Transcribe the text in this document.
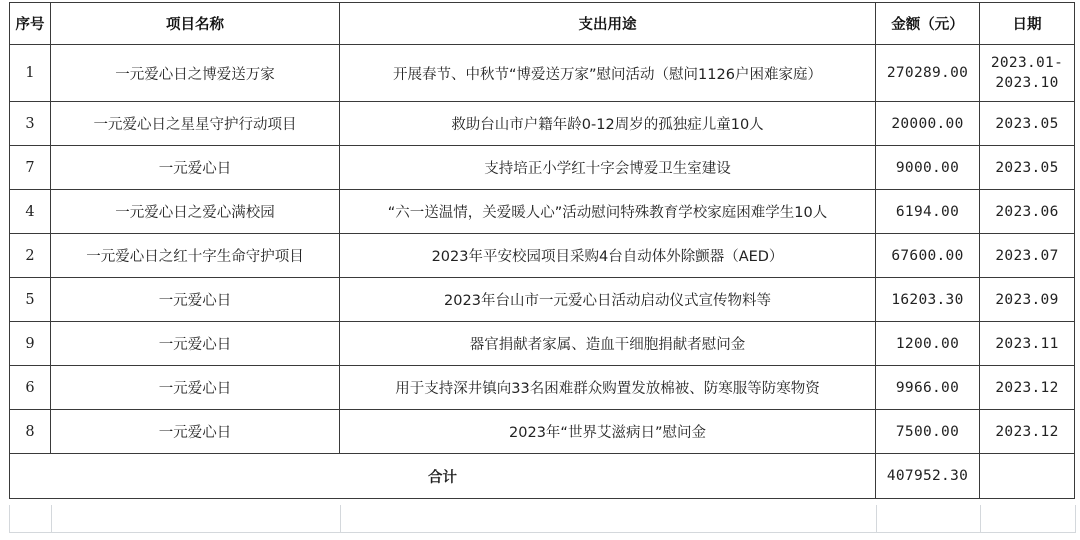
序号	项目名称	支出用途	金额（元）	日期
1	一元爱心日之博爱送万家	开展春节、中秋节“博爱送万家”慰问活动（慰问1126户困难家庭）	270289.00	2023.01-2023.10
3	一元爱心日之星星守护行动项目	救助台山市户籍年龄0-12周岁的孤独症儿童10人	20000.00	2023.05
7	一元爱心日	支持培正小学红十字会博爱卫生室建设	9000.00	2023.05
4	一元爱心日之爱心满校园	“六一送温情，关爱暖人心”活动慰问特殊教育学校家庭困难学生10人	6194.00	2023.06
2	一元爱心日之红十字生命守护项目	2023年平安校园项目采购4台自动体外除颤器（AED）	67600.00	2023.07
5	一元爱心日	2023年台山市一元爱心日活动启动仪式宣传物料等	16203.30	2023.09
9	一元爱心日	器官捐献者家属、造血干细胞捐献者慰问金	1200.00	2023.11
6	一元爱心日	用于支持深井镇向33名困难群众购置发放棉被、防寒服等防寒物资	9966.00	2023.12
8	一元爱心日	2023年“世界艾滋病日”慰问金	7500.00	2023.12
合计			407952.30	
